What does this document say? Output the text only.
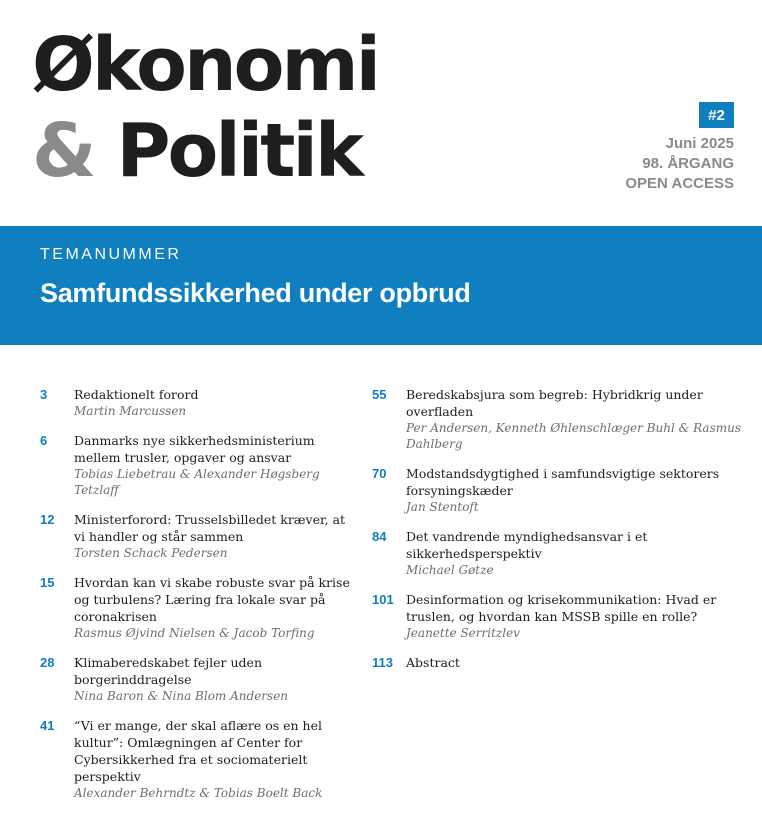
Økonomi
& Politik	#2
Juni 2025
98. ÅRGANG
OPEN ACCESS
TEMANUMMER
Samfundssikkerhed under opbrud
3	Redaktionelt forord
Martin Marcussen
6	Danmarks nye sikkerhedsministerium mellem trusler, opgaver og ansvar
Tobias Liebetrau & Alexander Høgsberg Tetzlaff
12	Ministerforord: Trusselsbilledet kræver, at vi handler og står sammen
Torsten Schack Pedersen
15	Hvordan kan vi skabe robuste svar på krise og turbulens? Læring fra lokale svar på coronakrisen
Rasmus Øjvind Nielsen & Jacob Torfing
28	Klimaberedskabet fejler uden borgerinddragelse
Nina Baron & Nina Blom Andersen
41	“Vi er mange, der skal aflære os en hel kultur”: Omlægningen af Center for Cybersikkerhed fra et sociomaterielt perspektiv
Alexander Behrndtz & Tobias Boelt Back
55	Beredskabsjura som begreb: Hybridkrig under overfladen
Per Andersen, Kenneth Øhlenschlæger Buhl & Rasmus Dahlberg
70	Modstandsdygtighed i samfundsvigtige sektorers forsyningskæder
Jan Stentoft
84	Det vandrende myndighedsansvar i et sikkerhedsperspektiv
Michael Gøtze
101 Desinformation og krisekommunikation: Hvad er truslen, og hvordan kan MSSB spille en rolle?
Jeanette Serritzlev
113	Abstract
